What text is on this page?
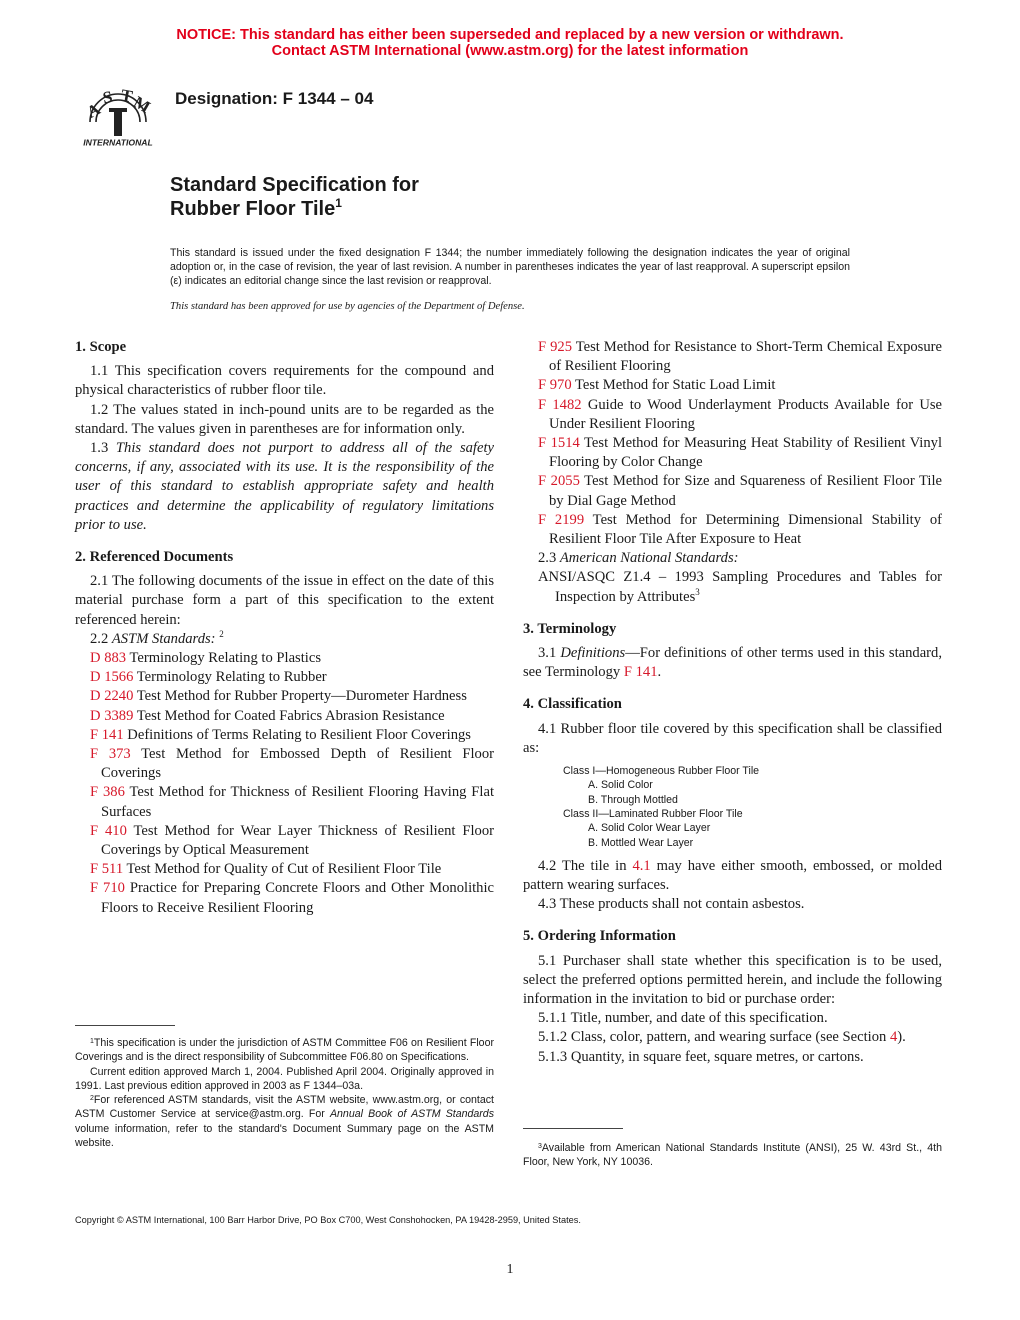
NOTICE: This standard has either been superseded and replaced by a new version or withdrawn.
Contact ASTM International (www.astm.org) for the latest information
A
S T
M
INTERNATIONAL
Designation: F 1344 – 04
Standard Specification for
Rubber Floor Tile$^1$
This standard is issued under the fixed designation F 1344; the number immediately following the designation indicates the year of original adoption or, in the case of revision, the year of last revision. A number in parentheses indicates the year of last reapproval. A superscript epsilon (ε) indicates an editorial change since the last revision or reapproval.
This standard has been approved for use by agencies of the Department of Defense.
1. Scope

1.1 This specification covers requirements for the compound and physical characteristics of rubber floor tile.

1.2 The values stated in inch-pound units are to be regarded as the standard. The values given in parentheses are for information only.

1.3 This standard does not purport to address all of the safety concerns, if any, associated with its use. It is the responsibility of the user of this standard to establish appropriate safety and health practices and determine the applicability of regulatory limitations prior to use.

2. Referenced Documents

2.1 The following documents of the issue in effect on the date of this material purchase form a part of this specification to the extent referenced herein:

2.2 ASTM Standards: $^2$

D 883 Terminology Relating to Plastics

D 1566 Terminology Relating to Rubber

D 2240 Test Method for Rubber Property—Durometer Hardness

D 3389 Test Method for Coated Fabrics Abrasion Resistance

F 141 Definitions of Terms Relating to Resilient Floor Coverings

F 373 Test Method for Embossed Depth of Resilient Floor Coverings

F 386 Test Method for Thickness of Resilient Flooring Having Flat Surfaces

F 410 Test Method for Wear Layer Thickness of Resilient Floor Coverings by Optical Measurement

F 511 Test Method for Quality of Cut of Resilient Floor Tile

F 710 Practice for Preparing Concrete Floors and Other Monolithic Floors to Receive Resilient Flooring

F 925 Test Method for Resistance to Short-Term Chemical Exposure of Resilient Flooring

F 970 Test Method for Static Load Limit

F 1482 Guide to Wood Underlayment Products Available for Use Under Resilient Flooring

F 1514 Test Method for Measuring Heat Stability of Resilient Vinyl Flooring by Color Change

F 2055 Test Method for Size and Squareness of Resilient Floor Tile by Dial Gage Method

F 2199 Test Method for Determining Dimensional Stability of Resilient Floor Tile After Exposure to Heat

2.3 American National Standards:

ANSI/ASQC Z1.4 – 1993 Sampling Procedures and Tables for Inspection by Attributes$^3$

3. Terminology

3.1 Definitions—For definitions of other terms used in this standard, see Terminology F 141.

4. Classification

4.1 Rubber floor tile covered by this specification shall be classified as:

Class I—Homogeneous Rubber Floor Tile

A. Solid Color

B. Through Mottled

Class II—Laminated Rubber Floor Tile

A. Solid Color Wear Layer

B. Mottled Wear Layer

4.2 The tile in 4.1 may have either smooth, embossed, or molded pattern wearing surfaces.

4.3 These products shall not contain asbestos.

5. Ordering Information

5.1 Purchaser shall state whether this specification is to be used, select the preferred options permitted herein, and include the following information in the invitation to bid or purchase order:

5.1.1 Title, number, and date of this specification.

5.1.2 Class, color, pattern, and wearing surface (see Section 4).

5.1.3 Quantity, in square feet, square metres, or cartons.

$^1$This specification is under the jurisdiction of ASTM Committee F06 on Resilient Floor Coverings and is the direct responsibility of Subcommittee F06.80 on Specifications.

Current edition approved March 1, 2004. Published April 2004. Originally approved in 1991. Last previous edition approved in 2003 as F 1344–03a.

$^2$For referenced ASTM standards, visit the ASTM website, www.astm.org, or contact ASTM Customer Service at service@astm.org. For Annual Book of ASTM Standards volume information, refer to the standard's Document Summary page on the ASTM website.	$^3$Available from American National Standards Institute (ANSI), 25 W. 43rd St., 4th Floor, New York, NY 10036.

Copyright © ASTM International, 100 Barr Harbor Drive, PO Box C700, West Conshohocken, PA 19428-2959, United States.
1
